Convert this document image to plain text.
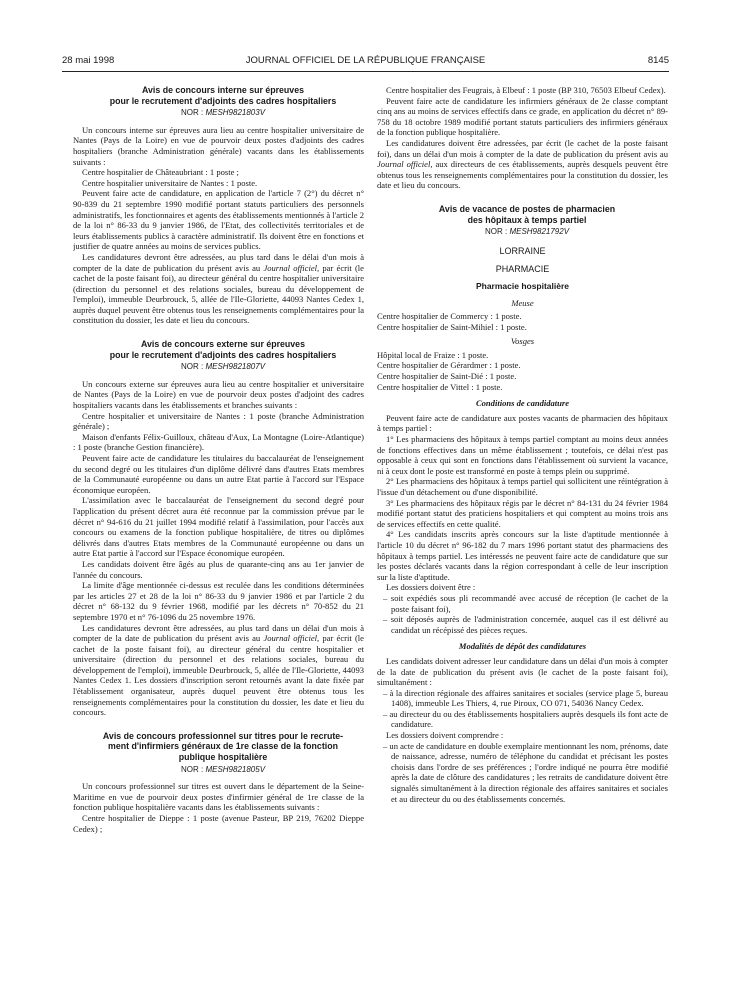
28 mai 1998	JOURNAL OFFICIEL DE LA RÉPUBLIQUE FRANÇAISE	8145

Avis de concours interne sur épreuves

pour le recrutement d'adjoints des cadres hospitaliers

NOR : MESH9821803V

Un concours interne sur épreuves aura lieu au centre hospitalier universitaire de Nantes (Pays de la Loire) en vue de pourvoir deux postes d'adjoints des cadres hospitaliers (branche Administration générale) vacants dans les établissements suivants :

Centre hospitalier de Châteaubriant : 1 poste ;

Centre hospitalier universitaire de Nantes : 1 poste.

Peuvent faire acte de candidature, en application de l'article 7 (2°) du décret n° 90-839 du 21 septembre 1990 modifié portant statuts particuliers des personnels administratifs, les fonctionnaires et agents des établissements mentionnés à l'article 2 de la loi n° 86-33 du 9 janvier 1986, de l'Etat, des collectivités territoriales et de leurs établissements publics à caractère administratif. Ils doivent être en fonctions et justifier de quatre années au moins de services publics.

Les candidatures devront être adressées, au plus tard dans le délai d'un mois à compter de la date de publication du présent avis au Journal officiel, par écrit (le cachet de la poste faisant foi), au directeur général du centre hospitalier universitaire (direction du personnel et des relations sociales, bureau du développement de l'emploi), immeuble Deurbrouck, 5, allée de l'Ile-Gloriette, 44093 Nantes Cedex 1, auprès duquel peuvent être obtenus tous les renseignements complémentaires pour la constitution du dossier, les date et lieu du concours.

Avis de concours externe sur épreuves

pour le recrutement d'adjoints des cadres hospitaliers

NOR : MESH9821807V

Un concours externe sur épreuves aura lieu au centre hospitalier et universitaire de Nantes (Pays de la Loire) en vue de pourvoir deux postes d'adjoint des cadres hospitaliers vacants dans les établissements et branches suivants :

Centre hospitalier et universitaire de Nantes : 1 poste (branche Administration générale) ;

Maison d'enfants Félix-Guilloux, château d'Aux, La Montagne (Loire-Atlantique) : 1 poste (branche Gestion financière).

Peuvent faire acte de candidature les titulaires du baccalauréat de l'enseignement du second degré ou les titulaires d'un diplôme délivré dans d'autres Etats membres de la Communauté européenne ou dans un autre Etat partie à l'accord sur l'Espace économique européen.

L'assimilation avec le baccalauréat de l'enseignement du second degré pour l'application du présent décret aura été reconnue par la commission prévue par le décret n° 94-616 du 21 juillet 1994 modifié relatif à l'assimilation, pour l'accès aux concours ou examens de la fonction publique hospitalière, de titres ou diplômes délivrés dans d'autres Etats membres de la Communauté européenne ou dans un autre Etat partie à l'accord sur l'Espace économique européen.

Les candidats doivent être âgés au plus de quarante-cinq ans au 1er janvier de l'année du concours.

La limite d'âge mentionnée ci-dessus est reculée dans les conditions déterminées par les articles 27 et 28 de la loi n° 86-33 du 9 janvier 1986 et par l'article 2 du décret n° 68-132 du 9 février 1968, modifié par les décrets n° 70-852 du 21 septembre 1970 et n° 76-1096 du 25 novembre 1976.

Les candidatures devront être adressées, au plus tard dans un délai d'un mois à compter de la date de publication du présent avis au Journal officiel, par écrit (le cachet de la poste faisant foi), au directeur général du centre hospitalier et universitaire (direction du personnel et des relations sociales, bureau du développement de l'emploi), immeuble Deurbrouck, 5, allée de l'Ile-Gloriette, 44093 Nantes Cedex 1. Les dossiers d'inscription seront retournés avant la date fixée par l'établissement organisateur, auprès duquel peuvent être obtenus tous les renseignements complémentaires pour la constitution du dossier, les date et lieu du concours.

Avis de concours professionnel sur titres pour le recrute-

ment d'infirmiers généraux de 1re classe de la fonction

publique hospitalière

NOR : MESH9821805V

Un concours professionnel sur titres est ouvert dans le département de la Seine-Maritime en vue de pourvoir deux postes d'infirmier général de 1re classe de la fonction publique hospitalière vacants dans les établissements suivants :

Centre hospitalier de Dieppe : 1 poste (avenue Pasteur, BP 219, 76202 Dieppe Cedex) ;

Centre hospitalier des Feugrais, à Elbeuf : 1 poste (BP 310, 76503 Elbeuf Cedex).

Peuvent faire acte de candidature les infirmiers généraux de 2e classe comptant cinq ans au moins de services effectifs dans ce grade, en application du décret n° 89-758 du 18 octobre 1989 modifié portant statuts particuliers des infirmiers généraux de la fonction publique hospitalière.

Les candidatures doivent être adressées, par écrit (le cachet de la poste faisant foi), dans un délai d'un mois à compter de la date de publication du présent avis au Journal officiel, aux directeurs de ces établissements, auprès desquels peuvent être obtenus tous les renseignements complémentaires pour la constitution du dossier, les date et lieu du concours.

Avis de vacance de postes de pharmacien

des hôpitaux à temps partiel

NOR : MESH9821792V

LORRAINE

PHARMACIE

Pharmacie hospitalière

Meuse

Centre hospitalier de Commercy : 1 poste.

Centre hospitalier de Saint-Mihiel : 1 poste.

Vosges

Hôpital local de Fraize : 1 poste.

Centre hospitalier de Gérardmer : 1 poste.

Centre hospitalier de Saint-Dié : 1 poste.

Centre hospitalier de Vittel : 1 poste.

Conditions de candidature

Peuvent faire acte de candidature aux postes vacants de pharmacien des hôpitaux à temps partiel :

1° Les pharmaciens des hôpitaux à temps partiel comptant au moins deux années de fonctions effectives dans un même établissement ; toutefois, ce délai n'est pas opposable à ceux qui sont en fonctions dans l'établissement où survient la vacance, ni à ceux dont le poste est transformé en poste à temps plein ou supprimé.

2° Les pharmaciens des hôpitaux à temps partiel qui sollicitent une réintégration à l'issue d'un détachement ou d'une disponibilité.

3° Les pharmaciens des hôpitaux régis par le décret n° 84-131 du 24 février 1984 modifié portant statut des praticiens hospitaliers et qui comptent au moins trois ans de services effectifs en cette qualité.

4° Les candidats inscrits après concours sur la liste d'aptitude mentionnée à l'article 10 du décret n° 96-182 du 7 mars 1996 portant statut des pharmaciens des hôpitaux à temps partiel. Les intéressés ne peuvent faire acte de candidature que sur les postes déclarés vacants dans la région correspondant à celle de leur inscription sur la liste d'aptitude.

Les dossiers doivent être :

– soit expédiés sous pli recommandé avec accusé de réception (le cachet de la poste faisant foi),

– soit déposés auprès de l'administration concernée, auquel cas il est délivré au candidat un récépissé des pièces reçues.

Modalités de dépôt des candidatures

Les candidats doivent adresser leur candidature dans un délai d'un mois à compter de la date de publication du présent avis (le cachet de la poste faisant foi), simultanément :

– à la direction régionale des affaires sanitaires et sociales (service plage 5, bureau 1408), immeuble Les Thiers, 4, rue Piroux, CO 071, 54036 Nancy Cedex.

– au directeur du ou des établissements hospitaliers auprès desquels ils font acte de candidature.

Les dossiers doivent comprendre :

– un acte de candidature en double exemplaire mentionnant les nom, prénoms, date de naissance, adresse, numéro de téléphone du candidat et précisant les postes choisis dans l'ordre de ses préférences ; l'ordre indiqué ne pourra être modifié après la date de clôture des candidatures ; les retraits de candidature doivent être signalés simultanément à la direction régionale des affaires sanitaires et sociales et au directeur du ou des établissements concernés.
